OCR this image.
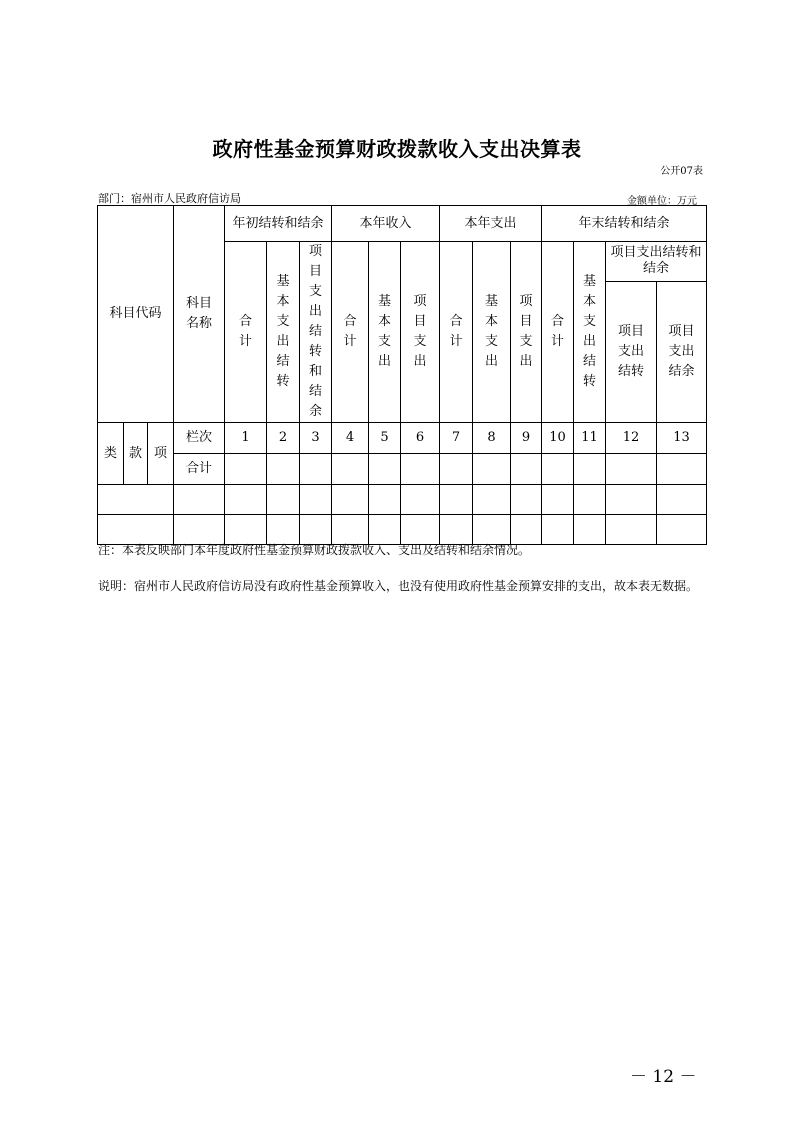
政府性基金预算财政拨款收入支出决算表
公开07表
部门：宿州市人民政府信访局	金额单位：万元
科目代码			科目名称	年初结转和结余			本年收入			本年支出			年末结转和结余			
				合计	基本支出结转	项目支出结转和结余	合计	基本支出	项目支出	合计	基本支出	项目支出	合计	基本支出结转	项目支出结转和结余	
															项目支出结转	项目支出结余
类	款	项	栏次	1	2	3	4	5	6	7	8	9	10	11	12	13
			合计													

注：本表反映部门本年度政府性基金预算财政拨款收入、支出及结转和结余情况。
说明：宿州市人民政府信访局没有政府性基金预算收入，也没有使用政府性基金预算安排的支出，故本表无数据。
－ 12 －
